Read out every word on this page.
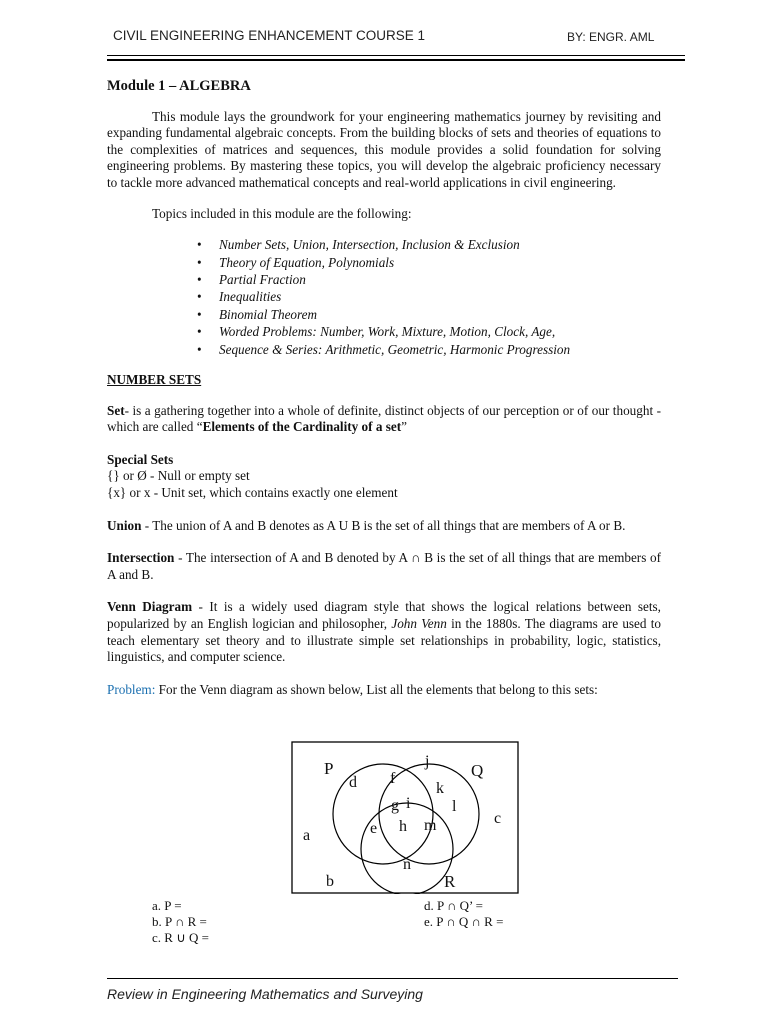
CIVIL ENGINEERING ENHANCEMENT COURSE 1	BY: ENGR. AML
Module 1 – ALGEBRA

This module lays the groundwork for your engineering mathematics journey by revisiting and expanding fundamental algebraic concepts. From the building blocks of sets and theories of equations to the complexities of matrices and sequences, this module provides a solid foundation for solving engineering problems. By mastering these topics, you will develop the algebraic proficiency necessary to tackle more advanced mathematical concepts and real-world applications in civil engineering.

Topics included in this module are the following:

• Number Sets, Union, Intersection, Inclusion & Exclusion
• Theory of Equation, Polynomials
• Partial Fraction
• Inequalities
• Binomial Theorem
• Worded Problems: Number, Work, Mixture, Motion, Clock, Age,
• Sequence & Series: Arithmetic, Geometric, Harmonic Progression
NUMBER SETS

Set- is a gathering together into a whole of definite, distinct objects of our perception or of our thought - which are called “Elements of the Cardinality of a set”

Special Sets

{} or Ø - Null or empty set

{x} or x - Unit set, which contains exactly one element

Union - The union of A and B denotes as A U B is the set of all things that are members of A or B.

Intersection - The intersection of A and B denoted by A ∩ B is the set of all things that are members of A and B.

Venn Diagram - It is a widely used diagram style that shows the logical relations between sets, popularized by an English logician and philosopher, John Venn in the 1880s. The diagrams are used to teach elementary set theory and to illustrate simple set relationships in probability, logic, statistics, linguistics, and computer science.

Problem: For the Venn diagram as shown below, List all the elements that belong to this sets:

P	Q
R
a
b
c
d
e
f
g
h
i
j
k
l
m
n
a. P =
b. P ∩ R =
c. R ∪ Q =
d. P ∩ Q’ =
e. P ∩ Q ∩ R =
Review in Engineering Mathematics and Surveying
